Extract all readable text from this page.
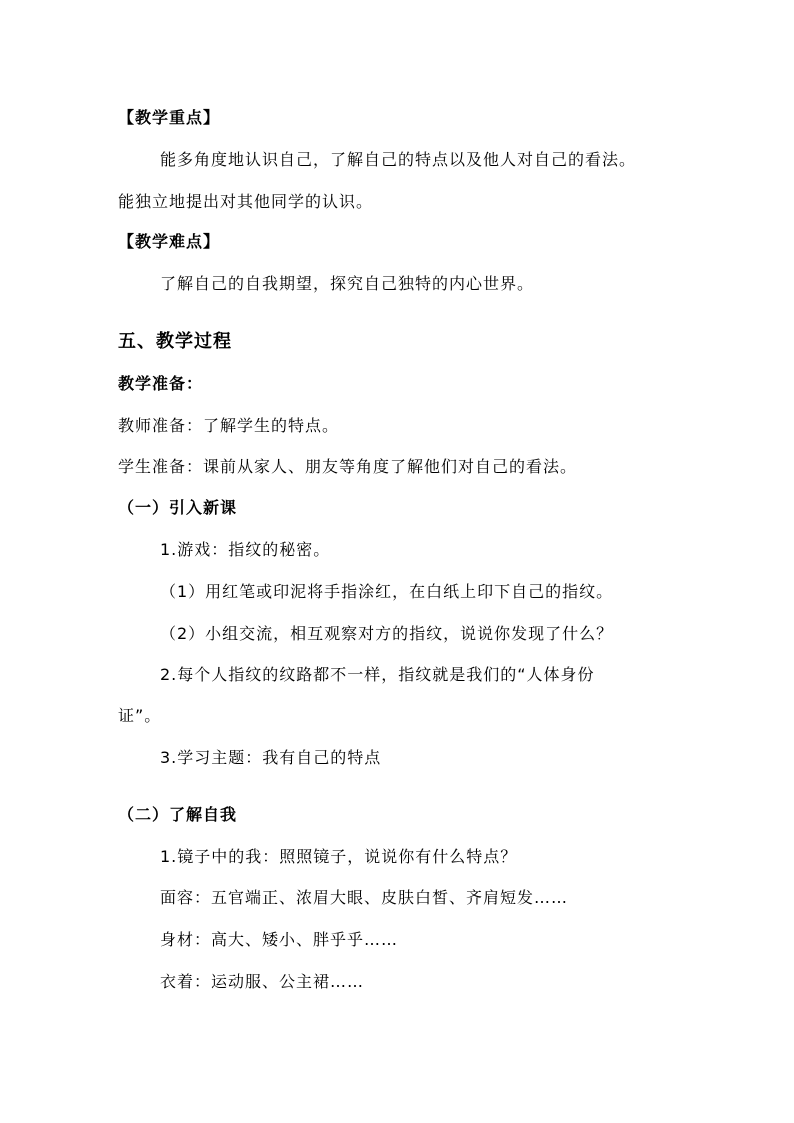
【教学重点】
能多角度地认识自己，了解自己的特点以及他人对自己的看法。
能独立地提出对其他同学的认识。
【教学难点】
了解自己的自我期望，探究自己独特的内心世界。
五、教学过程
教学准备：
教师准备：了解学生的特点。
学生准备：课前从家人、朋友等角度了解他们对自己的看法。
（一）引入新课
1.游戏：指纹的秘密。
（1）用红笔或印泥将手指涂红，在白纸上印下自己的指纹。
（2）小组交流，相互观察对方的指纹，说说你发现了什么？
2.每个人指纹的纹路都不一样，指纹就是我们的“人体身份
证”。
3.学习主题：我有自己的特点
（二）了解自我
1.镜子中的我：照照镜子，说说你有什么特点？
面容：五官端正、浓眉大眼、皮肤白皙、齐肩短发……
身材：高大、矮小、胖乎乎……
衣着：运动服、公主裙……
